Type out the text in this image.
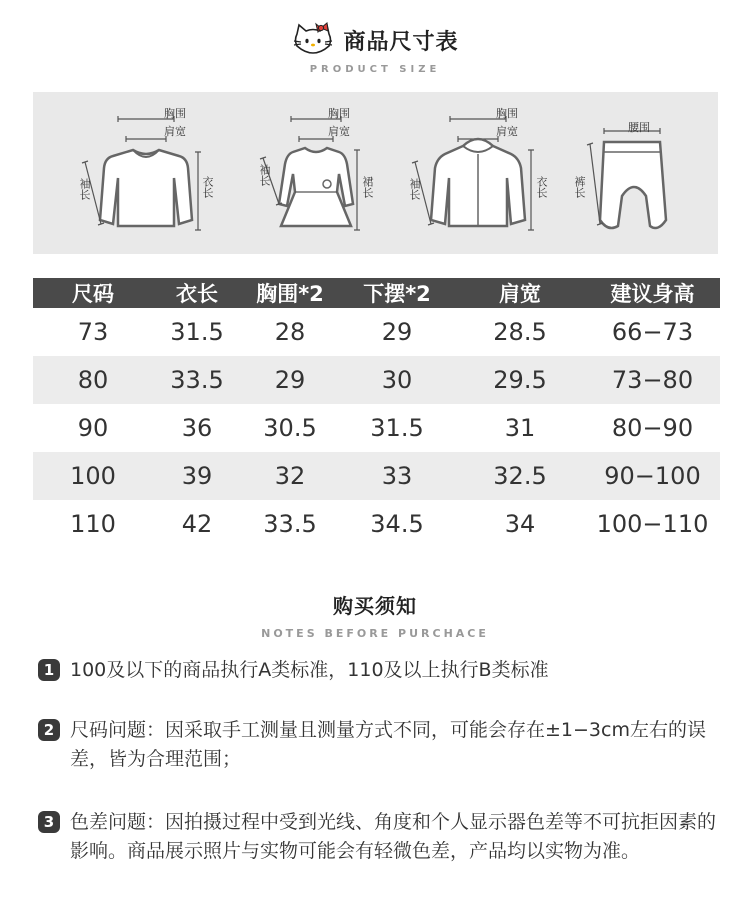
商品尺寸表
PRODUCT SIZE
胸围
肩宽
袖长	衣长
胸围
肩宽
袖长
裙长
胸围
肩宽
袖长	衣长
腰围
裤长
尺码	衣长	胸围*2	下摆*2	肩宽	建议身高
73	31.5	28	29	28.5	66−73
80	33.5	29	30	29.5	73−80
90	36	30.5	31.5	31	80−90
100	39	32	33	32.5	90−100
110	42	33.5	34.5	34	100−110
购买须知
NOTES BEFORE PURCHACE
1 100及以下的商品执行A类标准，110及以上执行B类标准
2 尺码问题：因采取手工测量且测量方式不同，可能会存在±1−3cm左右的误差，皆为合理范围；
3 色差问题：因拍摄过程中受到光线、角度和个人显示器色差等不可抗拒因素的影响。商品展示照片与实物可能会有轻微色差，产品均以实物为准。
